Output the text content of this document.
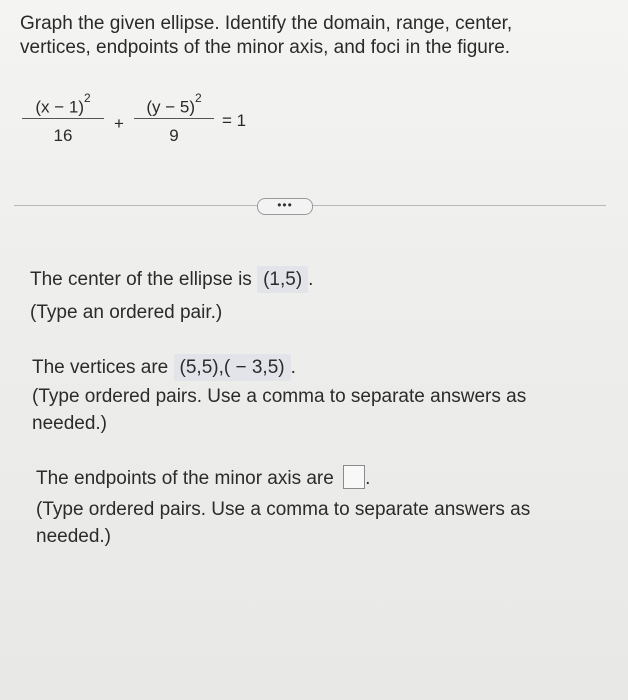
Graph the given ellipse. Identify the domain, range, center,
vertices, endpoints of the minor axis, and foci in the figure.
$(x - 1)^2$
16
+
$(y - 5)^2$
9
= 1
•••
The center of the ellipse is (1,5) .
(Type an ordered pair.)
The vertices are (5,5),( − 3,5) .
(Type ordered pairs. Use a comma to separate answers as
needed.)
The endpoints of the minor axis are .
(Type ordered pairs. Use a comma to separate answers as
needed.)
